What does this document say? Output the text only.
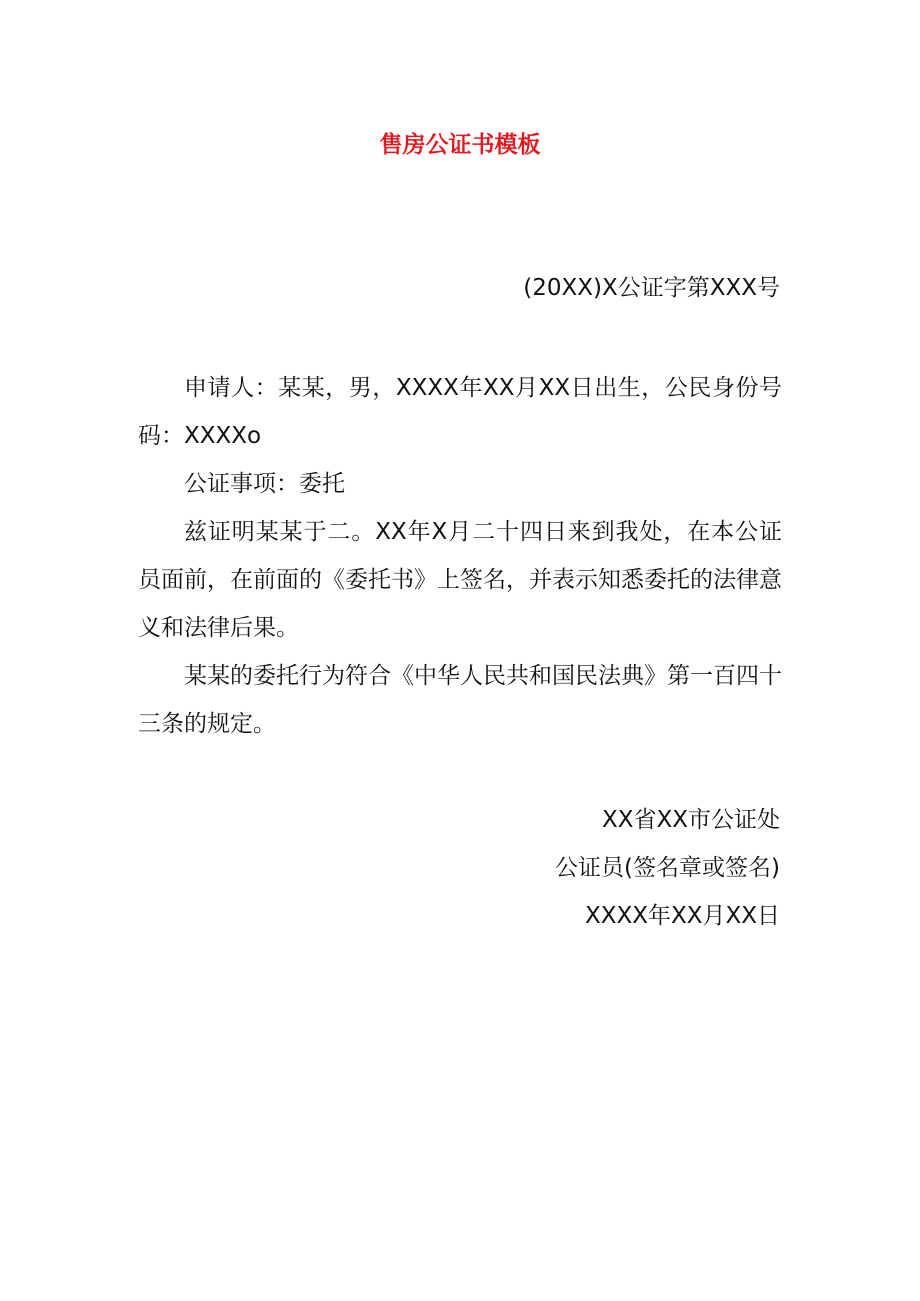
售房公证书模板
(20XX)X公证字第XXX号

申请人：某某，男，XXXX年XX月XX日出生，公民身份号码：XXXXo

公证事项：委托

兹证明某某于二。XX年X月二十四日来到我处，在本公证员面前，在前面的《委托书》上签名，并表示知悉委托的法律意义和法律后果。

某某的委托行为符合《中华人民共和国民法典》第一百四十三条的规定。

XX省XX市公证处
公证员(签名章或签名)
XXXX年XX月XX日
